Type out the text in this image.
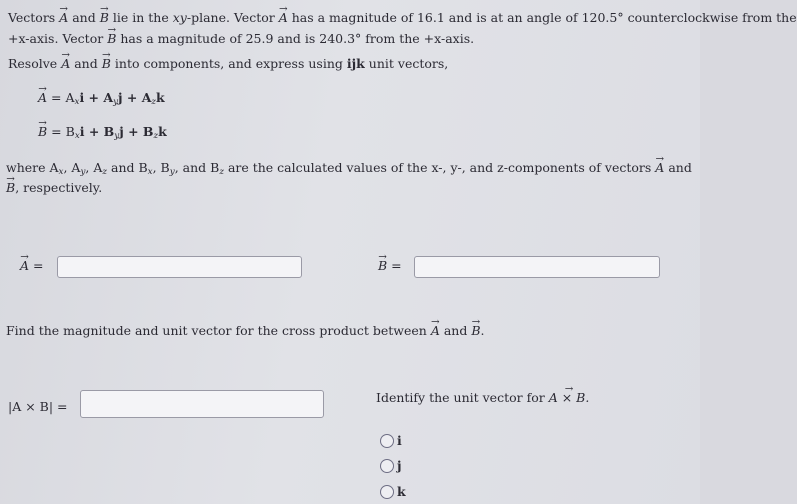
Vectors → A and → B lie in the xy-plane. Vector → A has a magnitude of 16.1 and is at an angle of 120.5° counterclockwise from the
+x-axis. Vector → B has a magnitude of 25.9 and is 240.3° from the +x-axis.
Resolve → A and → B into components, and express using ijk unit vectors,
→ $A = A_xi + A_yj + A_zk$
→ $B = B_xi + B_yj + B_zk$
where $A_x$, $A_y$, $A_z$ and $B_x$, $B_y$, and $B_z$ are the calculated values of the x-, y-, and z-components of vectors → A and
→ B, respectively.
→ A =	→ B =
Find the magnitude and unit vector for the cross product between → A and → B.
|A × B| =
Identify the unit vector for → A × B.
i
j
k
